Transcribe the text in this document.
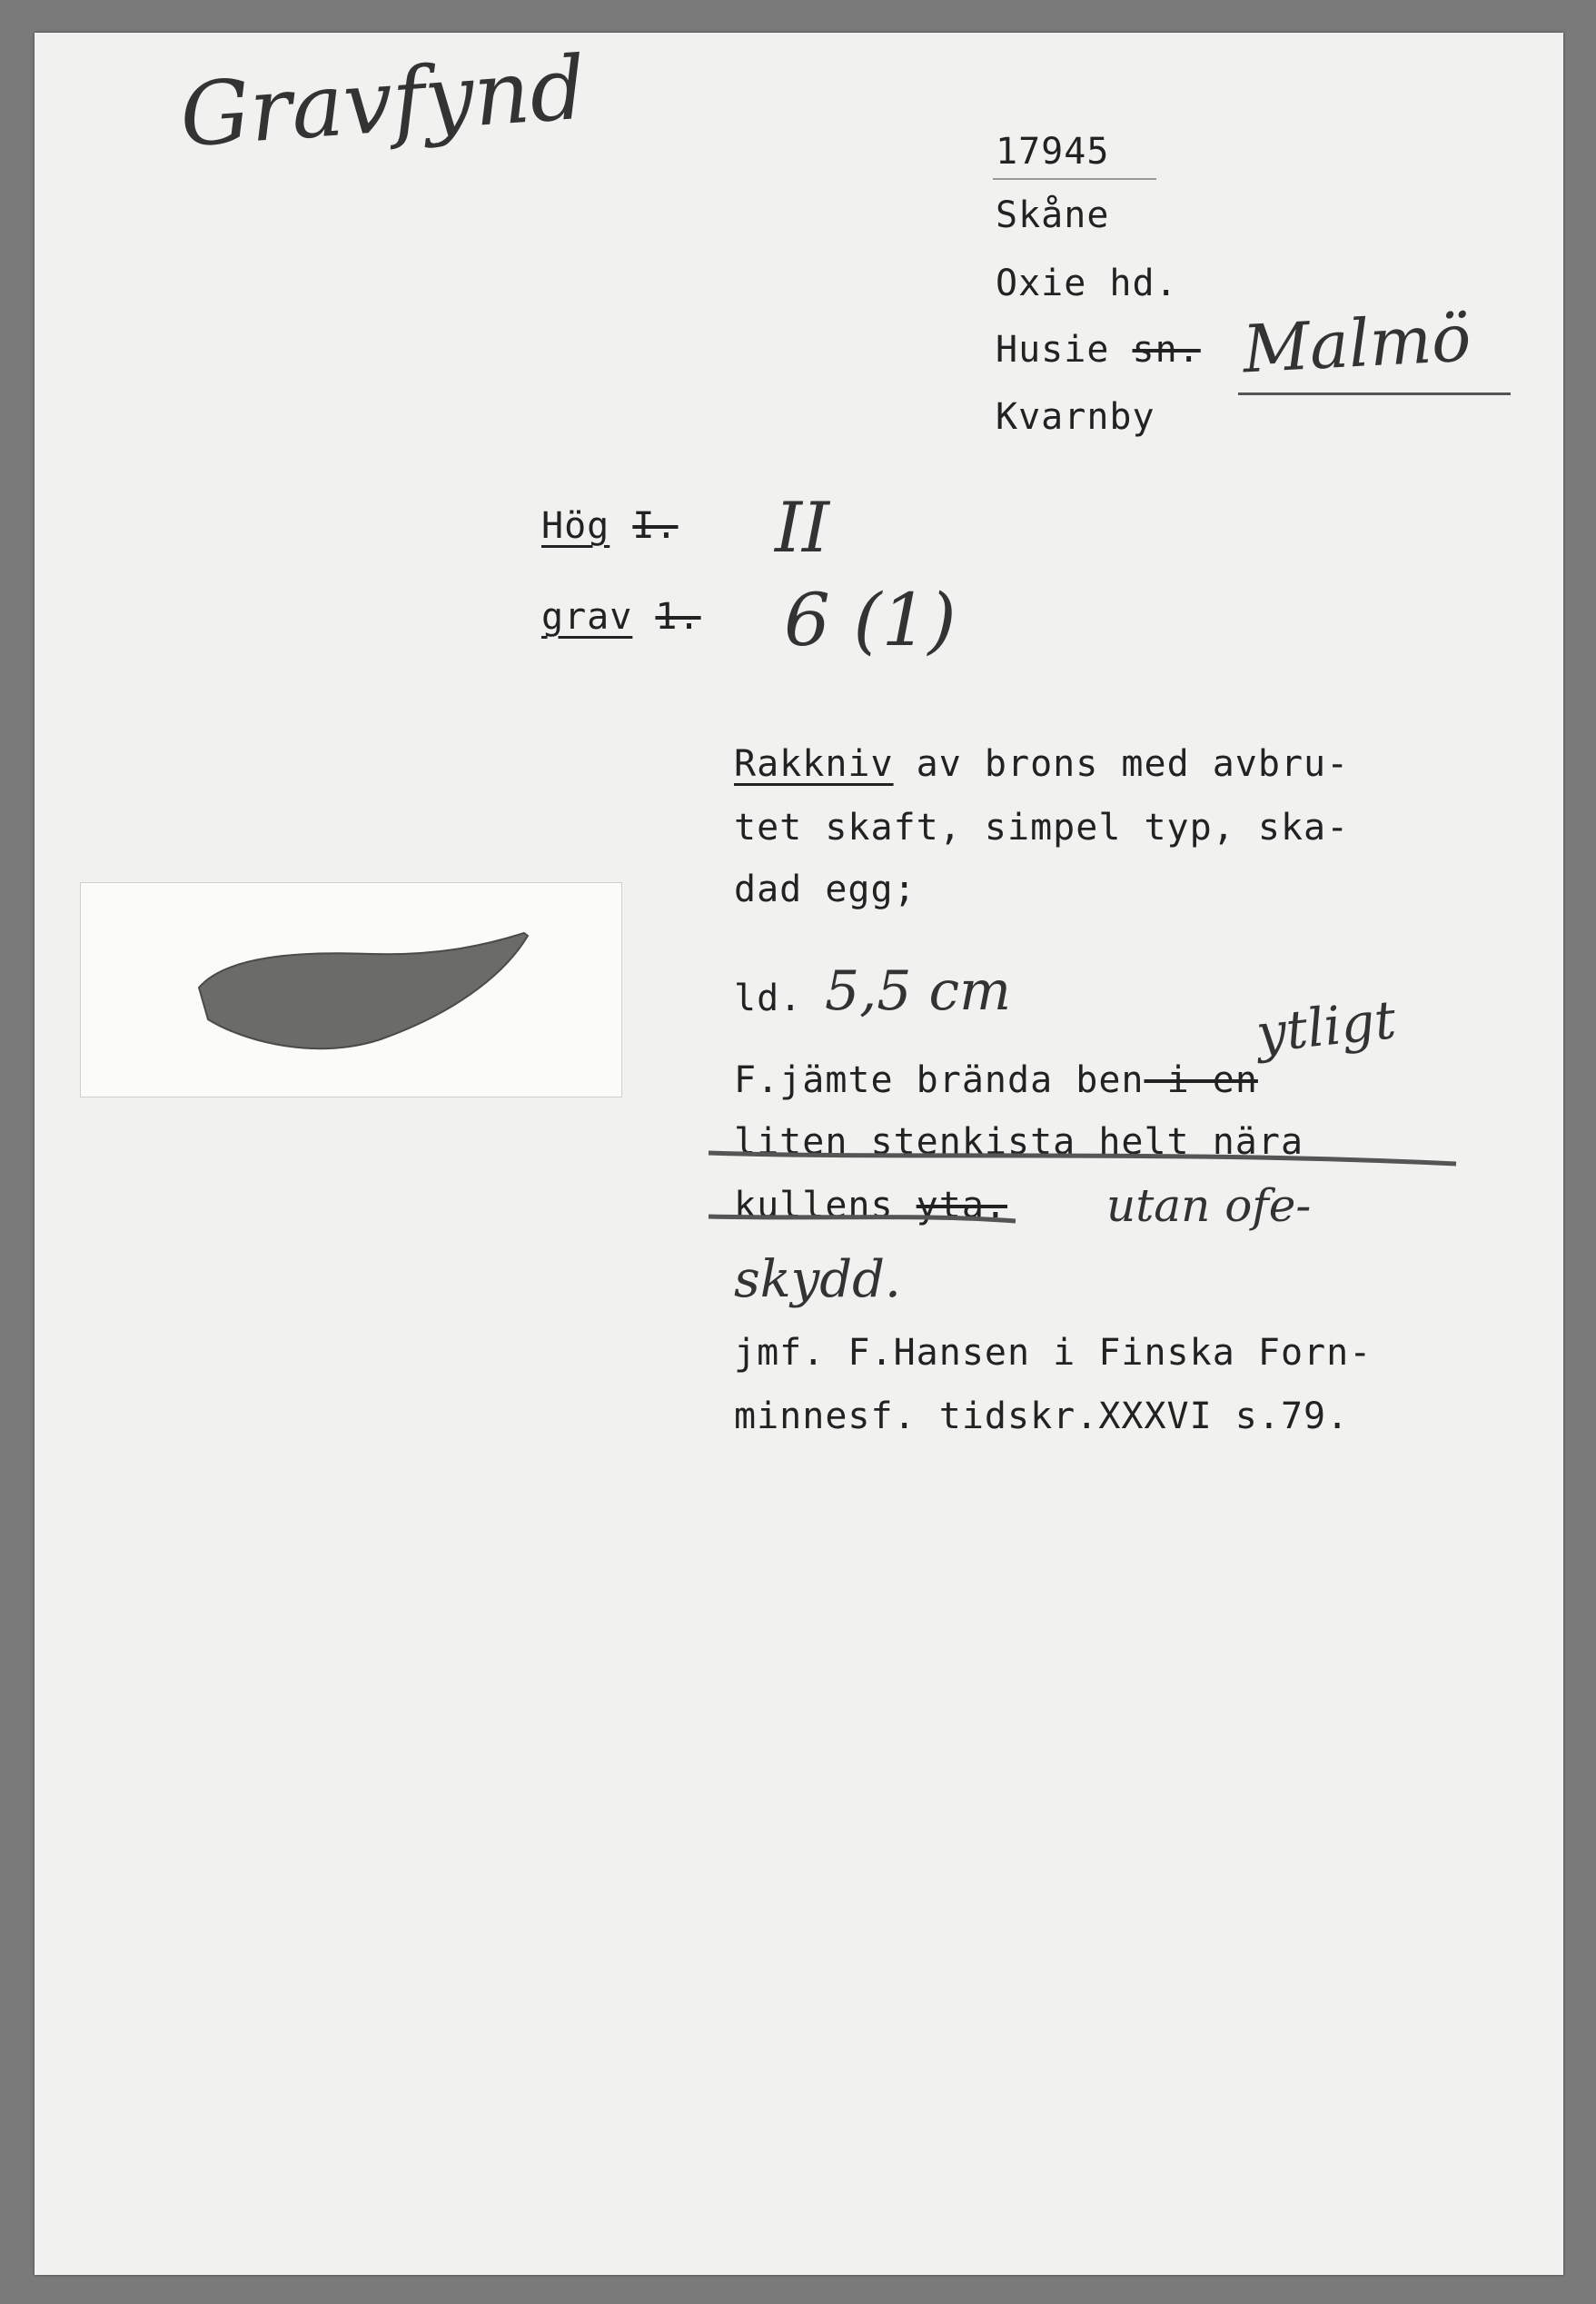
Gravfynd	17945
Skåne
Oxie hd.
Husie sn. Malmö
Kvarnby
Hög I. II
grav 1. 6 (1)
Rakkniv av brons med avbru-
tet skaft, simpel typ, ska-
dad egg;
ld. 5,5 cm	ytligt
F.jämte brända ben i en
liten stenkista helt nära
kullens yta. utan ofe-
skydd.
jmf. F.Hansen i Finska Forn-
minnesf. tidskr.XXXVI s.79.
